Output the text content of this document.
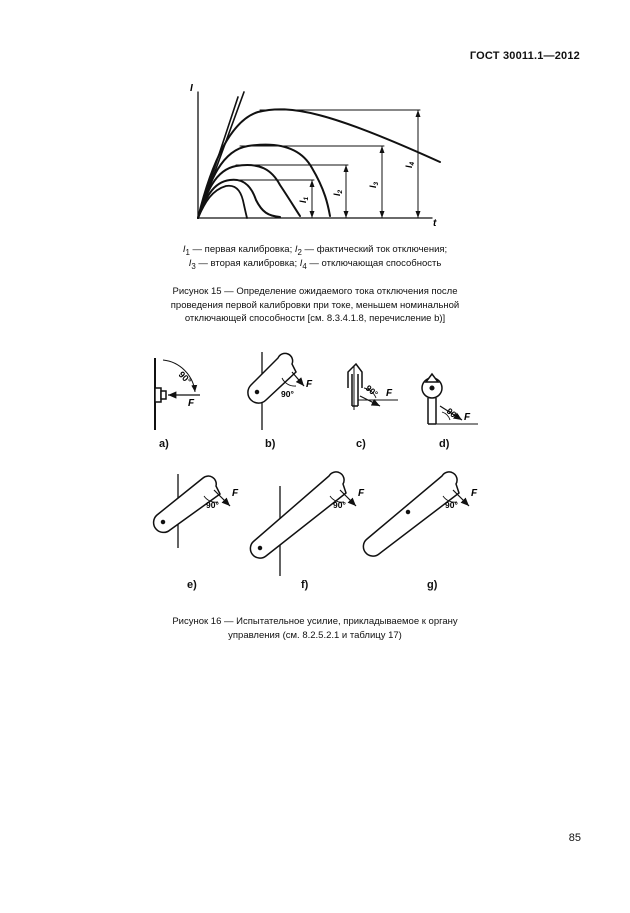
ГОСТ 30011.1—2012
I
t
$I_1$
$I_2$
$I_3$
$I_4$
$I_1$ — первая калибровка; $I_2$ — фактический ток отключения;
$I_3$ — вторая калибровка; $I_4$ — отключающая способность
Рисунок 15 — Определение ожидаемого тока отключения после
проведения первой калибровки при токе, меньшем номинальной
отключающей способности [см. 8.3.4.1.8, перечисление b)]
90°
F
90°
F	90° F
90° F
90°
F
90°
F
90°
F
a)	b)	c)	d)
e)	f)	g)
Рисунок 16 — Испытательное усилие, прикладываемое к органу
управления (см. 8.2.5.2.1 и таблицу 17)
85
